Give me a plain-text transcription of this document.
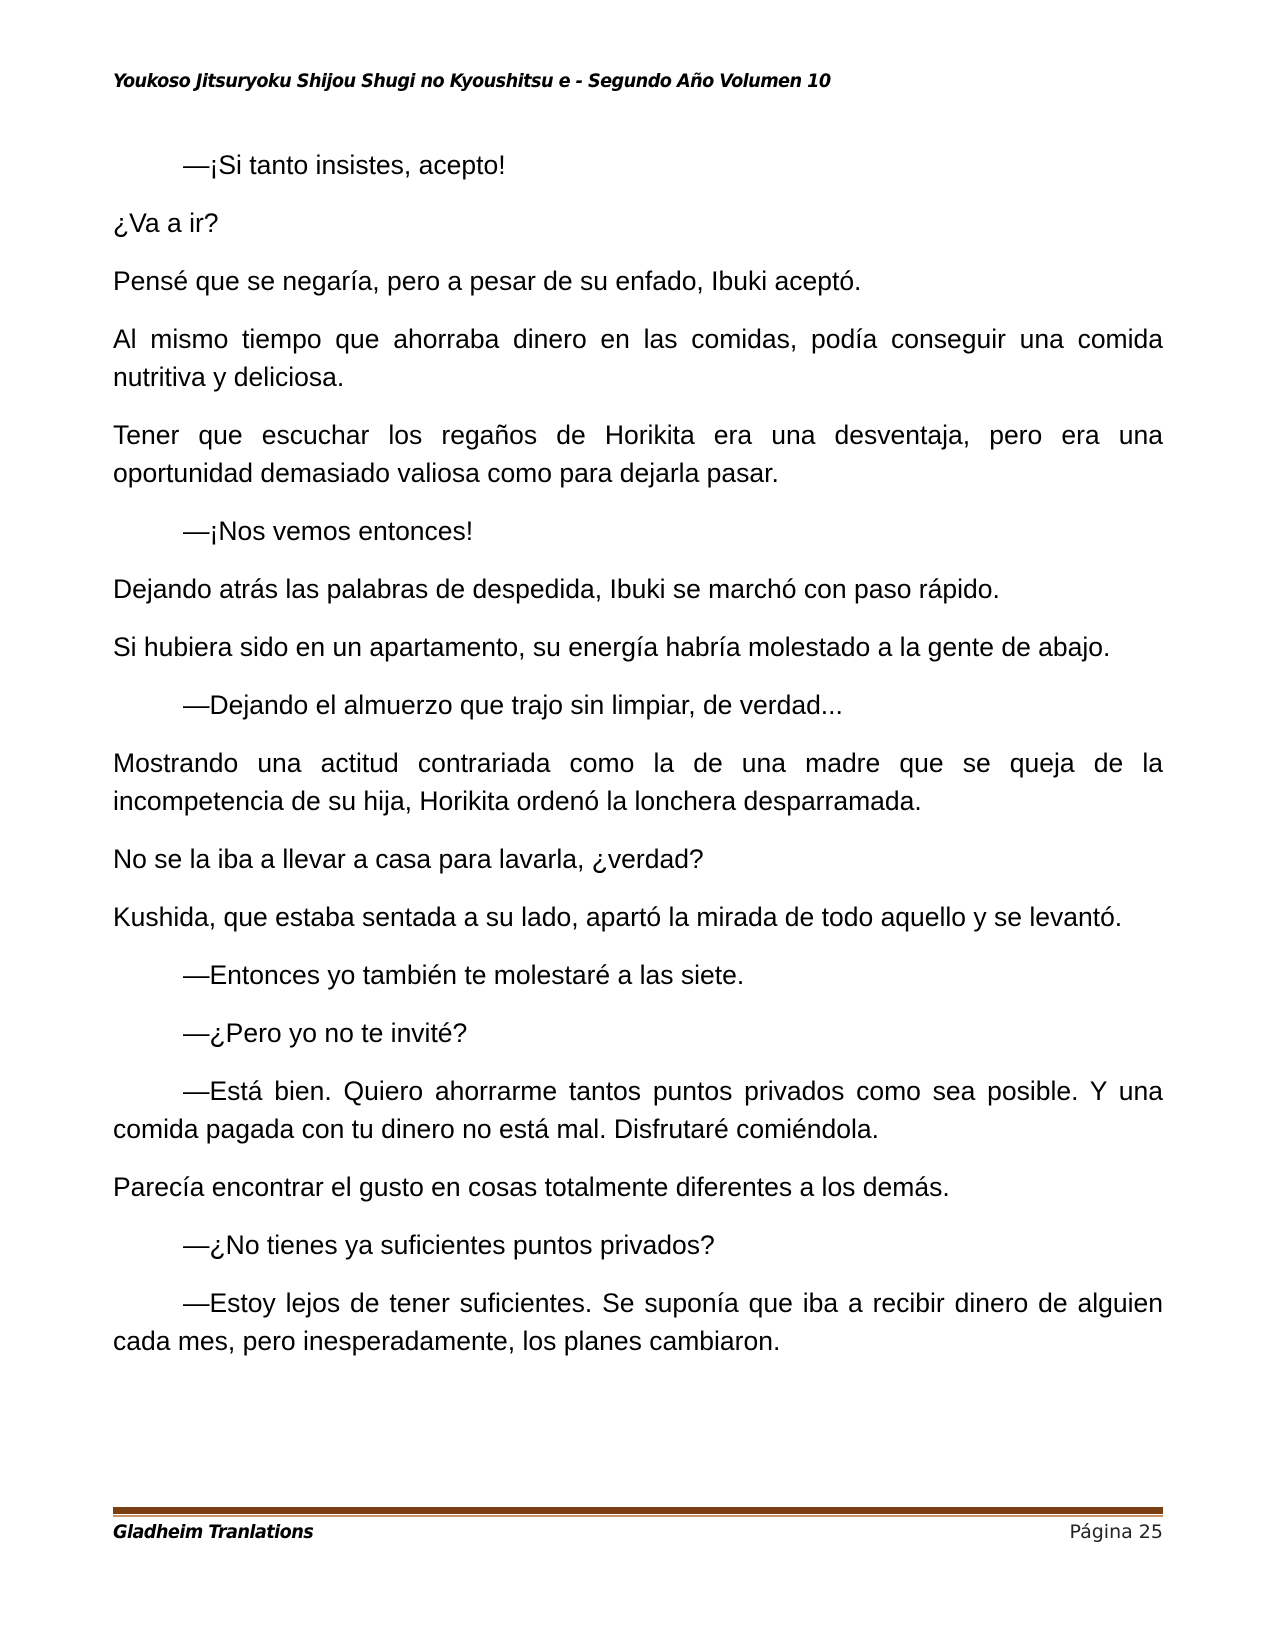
Youkoso Jitsuryoku Shijou Shugi no Kyoushitsu e - Segundo Año Volumen 10

—¡Si tanto insistes, acepto!

¿Va a ir?

Pensé que se negaría, pero a pesar de su enfado, Ibuki aceptó.

Al mismo tiempo que ahorraba dinero en las comidas, podía conseguir una comida nutritiva y deliciosa.

Tener que escuchar los regaños de Horikita era una desventaja, pero era una oportunidad demasiado valiosa como para dejarla pasar.

—¡Nos vemos entonces!

Dejando atrás las palabras de despedida, Ibuki se marchó con paso rápido.

Si hubiera sido en un apartamento, su energía habría molestado a la gente de abajo.

—Dejando el almuerzo que trajo sin limpiar, de verdad...

Mostrando una actitud contrariada como la de una madre que se queja de la incompetencia de su hija, Horikita ordenó la lonchera desparramada.

No se la iba a llevar a casa para lavarla, ¿verdad?

Kushida, que estaba sentada a su lado, apartó la mirada de todo aquello y se levantó.

—Entonces yo también te molestaré a las siete.

—¿Pero yo no te invité?

—Está bien. Quiero ahorrarme tantos puntos privados como sea posible. Y una comida pagada con tu dinero no está mal. Disfrutaré comiéndola.

Parecía encontrar el gusto en cosas totalmente diferentes a los demás.

—¿No tienes ya suficientes puntos privados?

—Estoy lejos de tener suficientes. Se suponía que iba a recibir dinero de alguien cada mes, pero inesperadamente, los planes cambiaron.

Gladheim Tranlations	Página 25
